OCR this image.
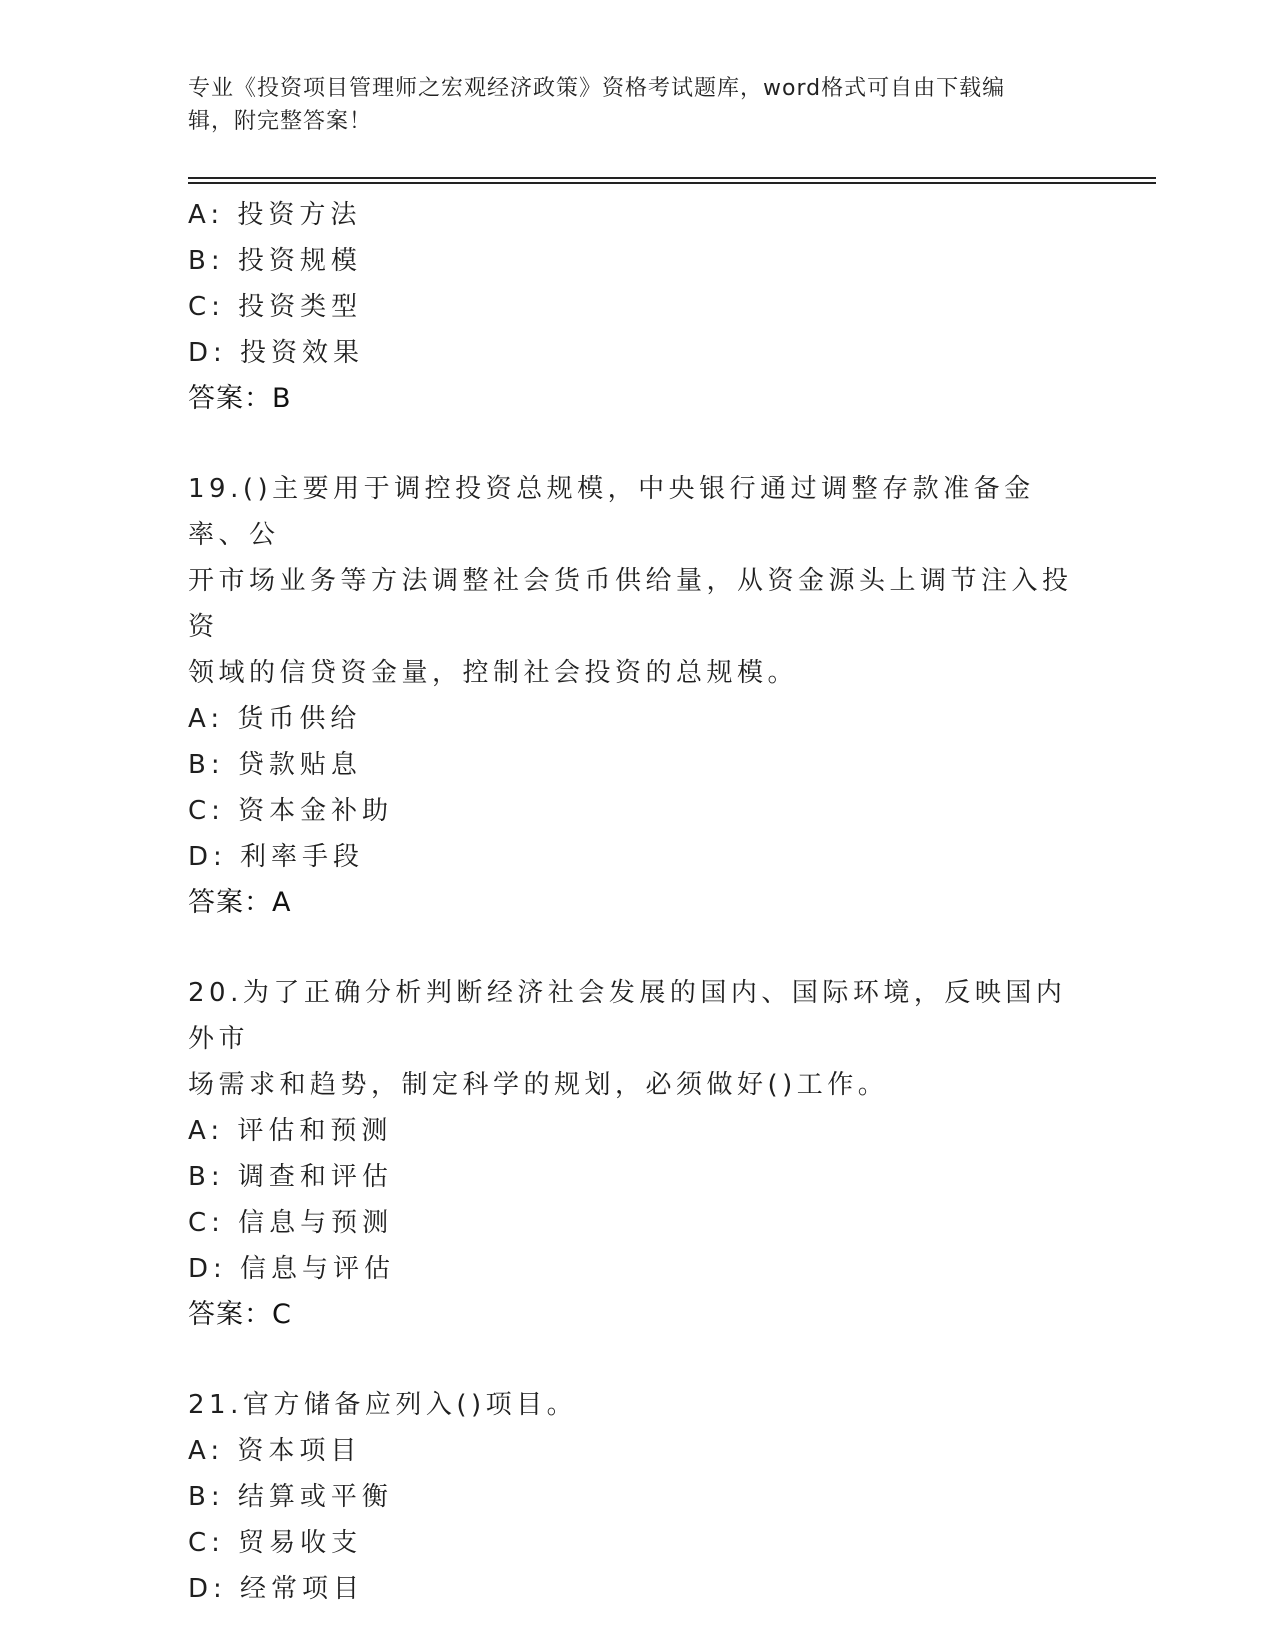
专业《投资项目管理师之宏观经济政策》资格考试题库，word格式可自由下载编
辑，附完整答案！
A: 投资方法
B: 投资规模
C: 投资类型
D: 投资效果
答案：B
19.()主要用于调控投资总规模，中央银行通过调整存款准备金率、公
开市场业务等方法调整社会货币供给量，从资金源头上调节注入投资
领域的信贷资金量，控制社会投资的总规模。
A: 货币供给
B: 贷款贴息
C: 资本金补助
D: 利率手段
答案：A
20.为了正确分析判断经济社会发展的国内、国际环境，反映国内外市
场需求和趋势，制定科学的规划，必须做好()工作。
A: 评估和预测
B: 调查和评估
C: 信息与预测
D: 信息与评估
答案：C
21.官方储备应列入()项目。
A: 资本项目
B: 结算或平衡
C: 贸易收支
D: 经常项目
